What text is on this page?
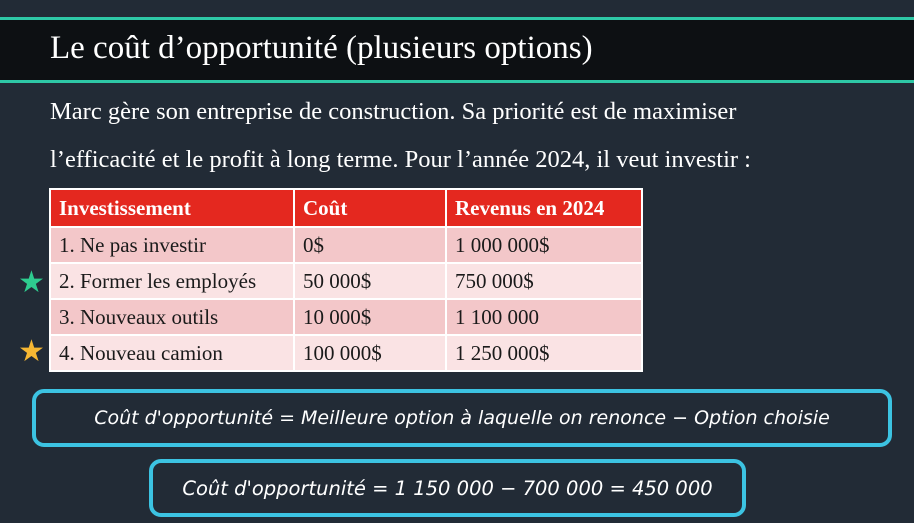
Le coût d’opportunité (plusieurs options)
Marc gère son entreprise de construction. Sa priorité est de maximiser
l’efficacité et le profit à long terme. Pour l’année 2024, il veut investir :
★
★
Investissement	Coût	Revenus en 2024
1. Ne pas investir	0$	1 000 000$
2. Former les employés	50 000$	750 000$
3. Nouveaux outils	10 000$	1 100 000
4. Nouveau camion	100 000$	1 250 000$
Coût d'opportunité = Meilleure option à laquelle on renonce − Option choisie
Coût d'opportunité = 1 150 000 − 700 000 = 450 000
